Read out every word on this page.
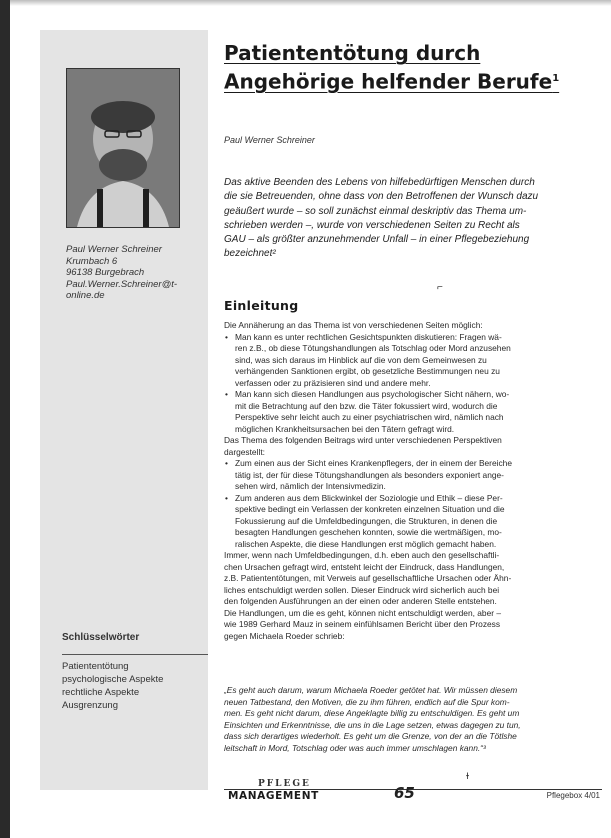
Paul Werner Schreiner
Krumbach 6
96138 Burgebrach
Paul.Werner.Schreiner@t-
online.de
Schlüsselwörter
Patiententötung
psychologische Aspekte
rechtliche Aspekte
Ausgrenzung
Patiententötung durch
Angehörige helfender Berufe$^1$
Paul Werner Schreiner
Das aktive Beenden des Lebens von hilfebedürftigen Menschen durch
die sie Betreuenden, ohne dass von den Betroffenen der Wunsch dazu
geäußert wurde – so soll zunächst einmal deskriptiv das Thema um-
schrieben werden –, wurde von verschiedenen Seiten zu Recht als
GAU – als größter anzunehmender Unfall – in einer Pflegebeziehung
bezeichnet²
⌐
Einleitung
Die Annäherung an das Thema ist von verschiedenen Seiten möglich:
• Man kann es unter rechtlichen Gesichtspunkten diskutieren: Fragen wä-
ren z.B., ob diese Tötungshandlungen als Totschlag oder Mord anzusehen
sind, was sich daraus im Hinblick auf die von dem Gemeinwesen zu
verhängenden Sanktionen ergibt, ob gesetzliche Bestimmungen neu zu
verfassen oder zu präzisieren sind und andere mehr.
• Man kann sich diesen Handlungen aus psychologischer Sicht nähern, wo-
mit die Betrachtung auf den bzw. die Täter fokussiert wird, wodurch die
Perspektive sehr leicht auch zu einer psychiatrischen wird, nämlich nach
möglichen Krankheitsursachen bei den Tätern gefragt wird.
Das Thema des folgenden Beitrags wird unter verschiedenen Perspektiven
dargestellt:
• Zum einen aus der Sicht eines Krankenpflegers, der in einem der Bereiche
tätig ist, der für diese Tötungshandlungen als besonders exponiert ange-
sehen wird, nämlich der Intensivmedizin.
• Zum anderen aus dem Blickwinkel der Soziologie und Ethik – diese Per-
spektive bedingt ein Verlassen der konkreten einzelnen Situation und die
Fokussierung auf die Umfeldbedingungen, die Strukturen, in denen die
besagten Handlungen geschehen konnten, sowie die wertmäßigen, mo-
ralischen Aspekte, die diese Handlungen erst möglich gemacht haben.
Immer, wenn nach Umfeldbedingungen, d.h. eben auch den gesellschaftli-
chen Ursachen gefragt wird, entsteht leicht der Eindruck, dass Handlungen,
z.B. Patiententötungen, mit Verweis auf gesellschaftliche Ursachen oder Ähn-
liches entschuldigt werden sollen. Dieser Eindruck wird sicherlich auch bei
den folgenden Ausführungen an der einen oder anderen Stelle entstehen.
Die Handlungen, um die es geht, können nicht entschuldigt werden, aber –
wie 1989 Gerhard Mauz in seinem einfühlsamen Bericht über den Prozess
gegen Michaela Roeder schrieb:
„Es geht auch darum, warum Michaela Roeder getötet hat. Wir müssen diesem
neuen Tatbestand, den Motiven, die zu ihm führen, endlich auf die Spur kom-
men. Es geht nicht darum, diese Angeklagte billig zu entschuldigen. Es geht um
Einsichten und Erkenntnisse, die uns in die Lage setzen, etwas dagegen zu tun,
dass sich derartiges wiederholt. Es geht um die Grenze, von der an die Tötlshe
leitschaft in Mord, Totschlag oder was auch immer umschlagen kann.“³
ɫ
PFLEGE
MANAGEMENT	65	Pflegebox 4/01
